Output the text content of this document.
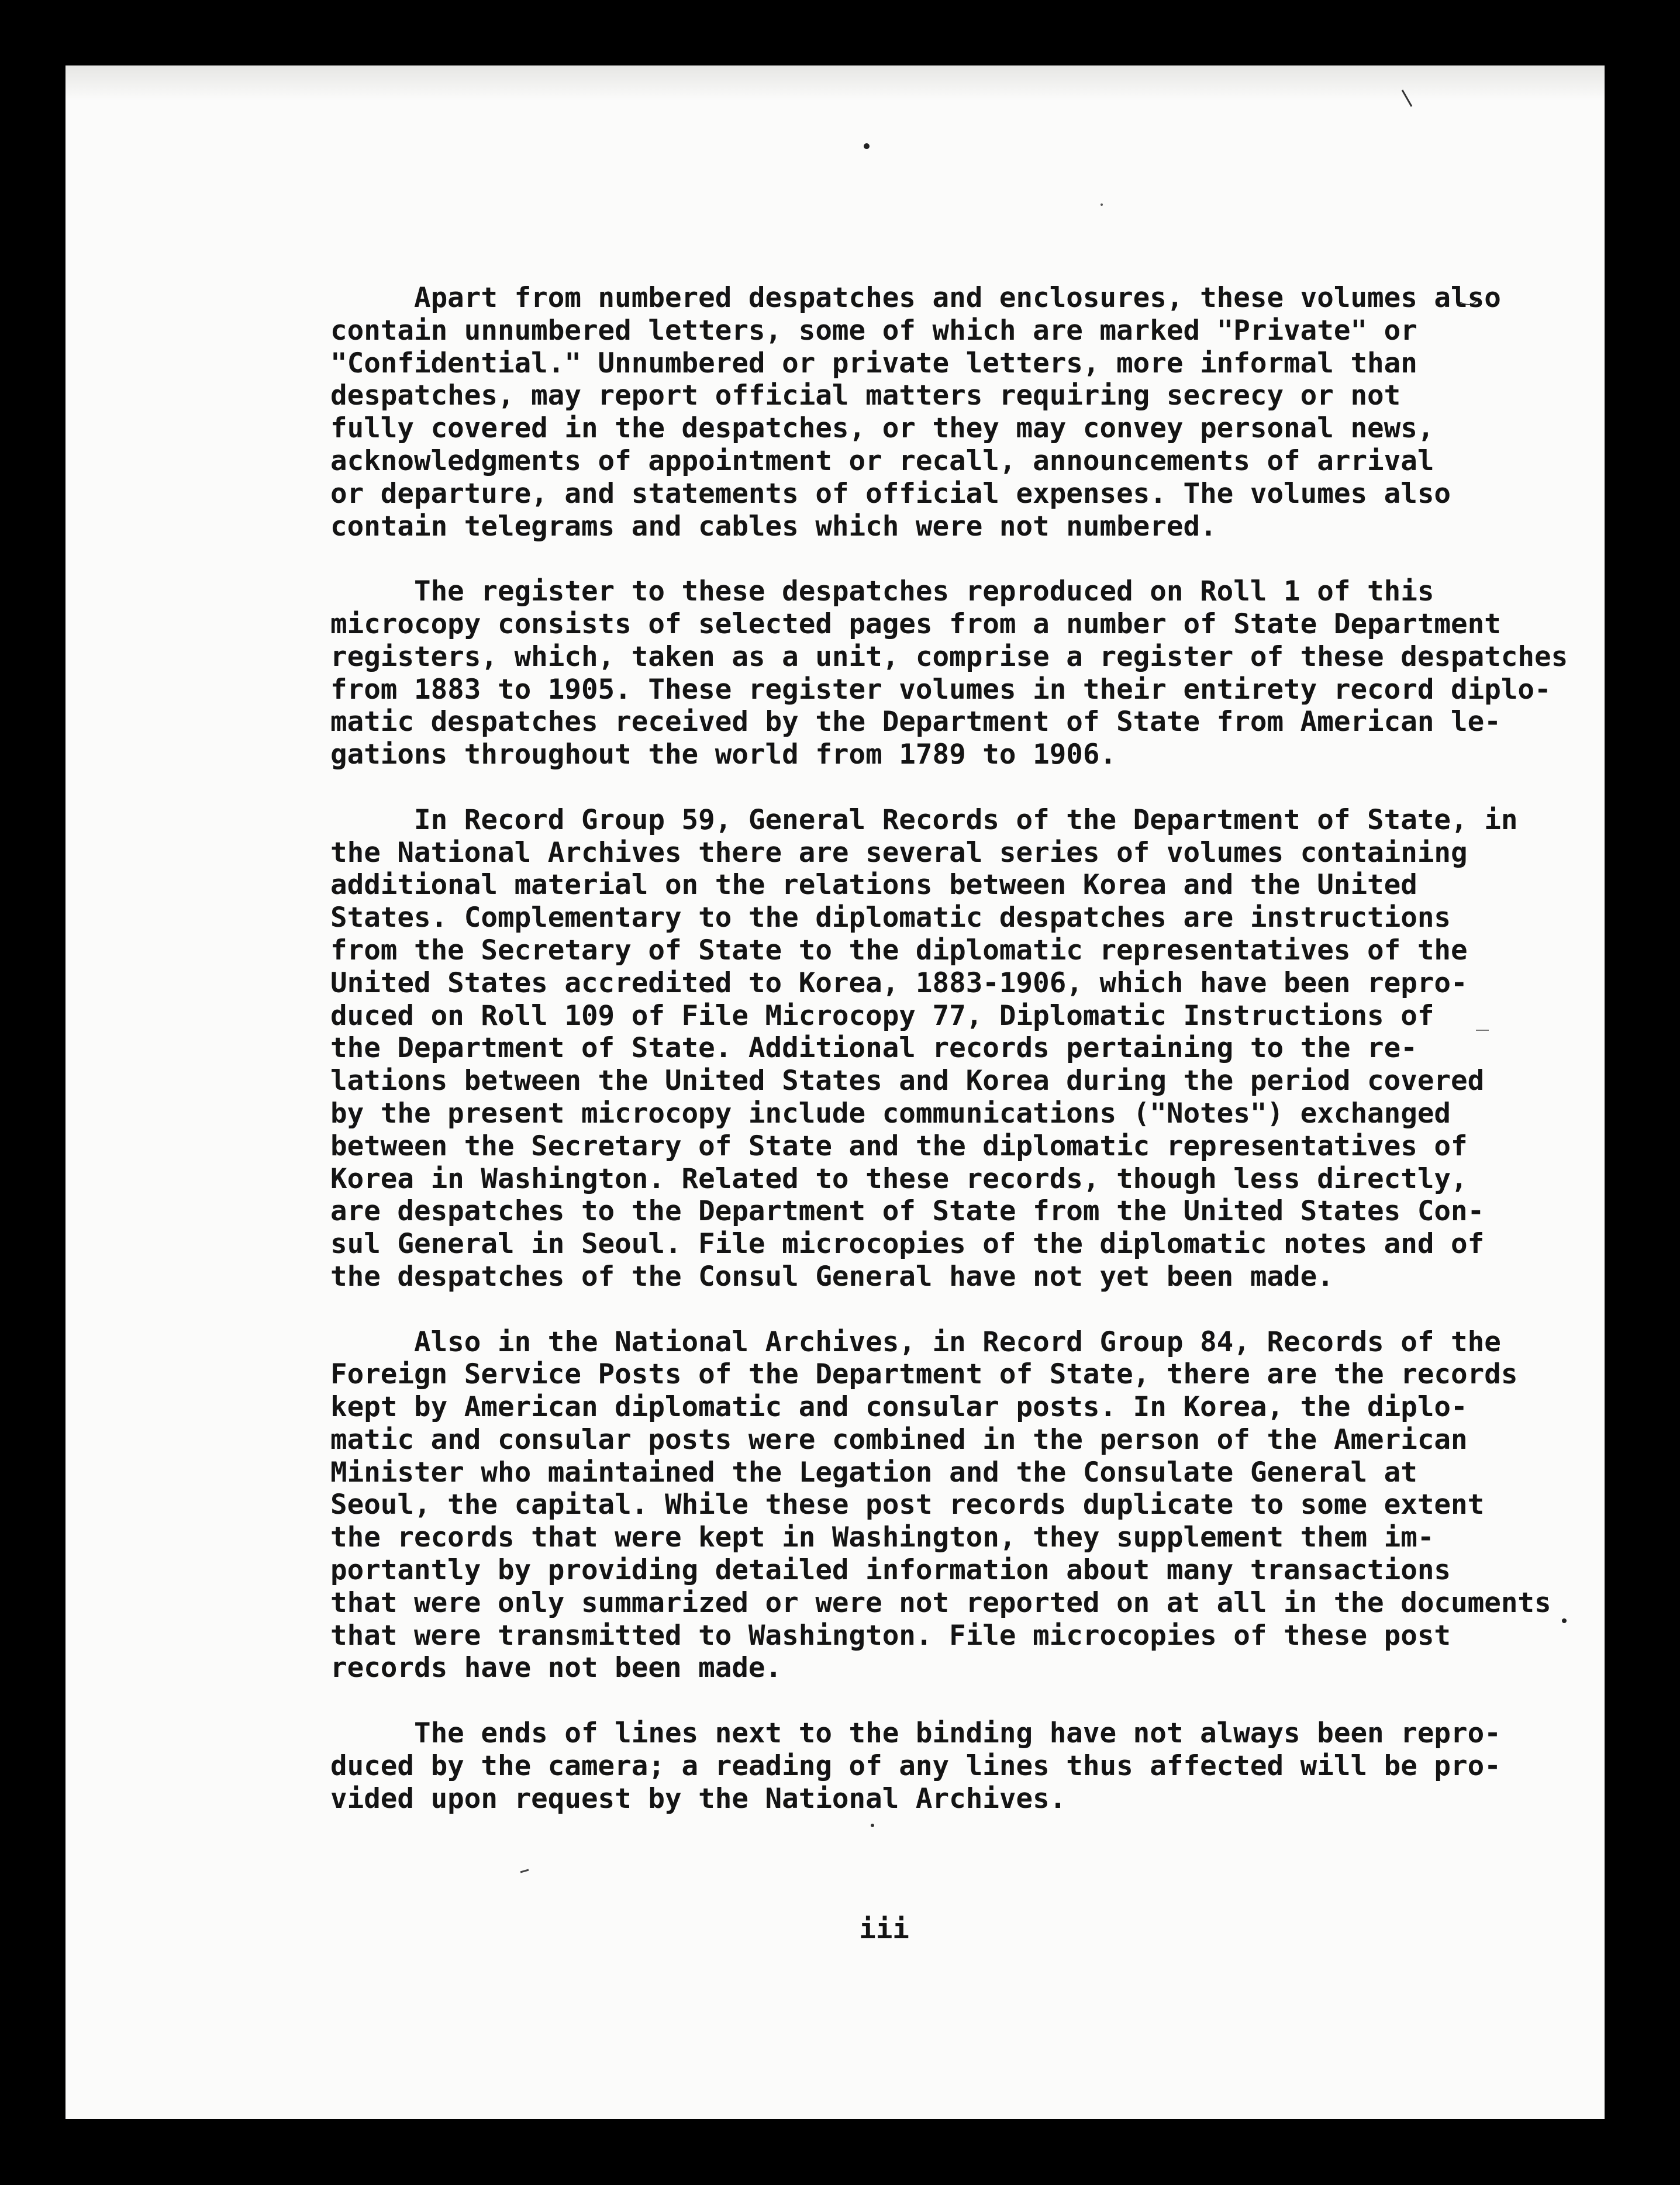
Apart from numbered despatches and enclosures, these volumes also
contain unnumbered letters, some of which are marked "Private" or
"Confidential." Unnumbered or private letters, more informal than
despatches, may report official matters requiring secrecy or not
fully covered in the despatches, or they may convey personal news,
acknowledgments of appointment or recall, announcements of arrival
or departure, and statements of official expenses. The volumes also
contain telegrams and cables which were not numbered.
The register to these despatches reproduced on Roll 1 of this
microcopy consists of selected pages from a number of State Department
registers, which, taken as a unit, comprise a register of these despatches
from 1883 to 1905. These register volumes in their entirety record diplo-
matic despatches received by the Department of State from American le-
gations throughout the world from 1789 to 1906.
In Record Group 59, General Records of the Department of State, in
the National Archives there are several series of volumes containing
additional material on the relations between Korea and the United
States. Complementary to the diplomatic despatches are instructions
from the Secretary of State to the diplomatic representatives of the
United States accredited to Korea, 1883-1906, which have been repro-
duced on Roll 109 of File Microcopy 77, Diplomatic Instructions of
the Department of State. Additional records pertaining to the re-
lations between the United States and Korea during the period covered
by the present microcopy include communications ("Notes") exchanged
between the Secretary of State and the diplomatic representatives of
Korea in Washington. Related to these records, though less directly,
are despatches to the Department of State from the United States Con-
sul General in Seoul. File microcopies of the diplomatic notes and of
the despatches of the Consul General have not yet been made.
Also in the National Archives, in Record Group 84, Records of the
Foreign Service Posts of the Department of State, there are the records
kept by American diplomatic and consular posts. In Korea, the diplo-
matic and consular posts were combined in the person of the American
Minister who maintained the Legation and the Consulate General at
Seoul, the capital. While these post records duplicate to some extent
the records that were kept in Washington, they supplement them im-
portantly by providing detailed information about many transactions
that were only summarized or were not reported on at all in the documents
that were transmitted to Washington. File microcopies of these post
records have not been made.
The ends of lines next to the binding have not always been repro-
duced by the camera; a reading of any lines thus affected will be pro-
vided upon request by the National Archives.
iii
